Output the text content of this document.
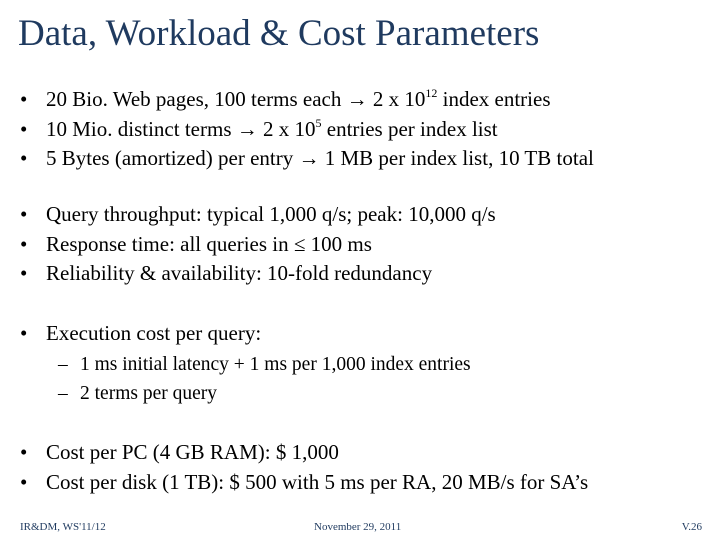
Data, Workload & Cost Parameters
• 20 Bio. Web pages, 100 terms each → 2 x $10^{12}$ index entries
• 10 Mio. distinct terms → 2 x $10^5$ entries per index list
• 5 Bytes (amortized) per entry → 1 MB per index list, 10 TB total
• Query throughput: typical 1,000 q/s; peak: 10,000 q/s
• Response time: all queries in ≤ 100 ms
• Reliability & availability: 10-fold redundancy
• Execution cost per query:
– 1 ms initial latency + 1 ms per 1,000 index entries
– 2 terms per query
• Cost per PC (4 GB RAM): $ 1,000
• Cost per disk (1 TB): $ 500 with 5 ms per RA, 20 MB/s for SA’s
IR&DM, WS'11/12	November 29, 2011	V.26
